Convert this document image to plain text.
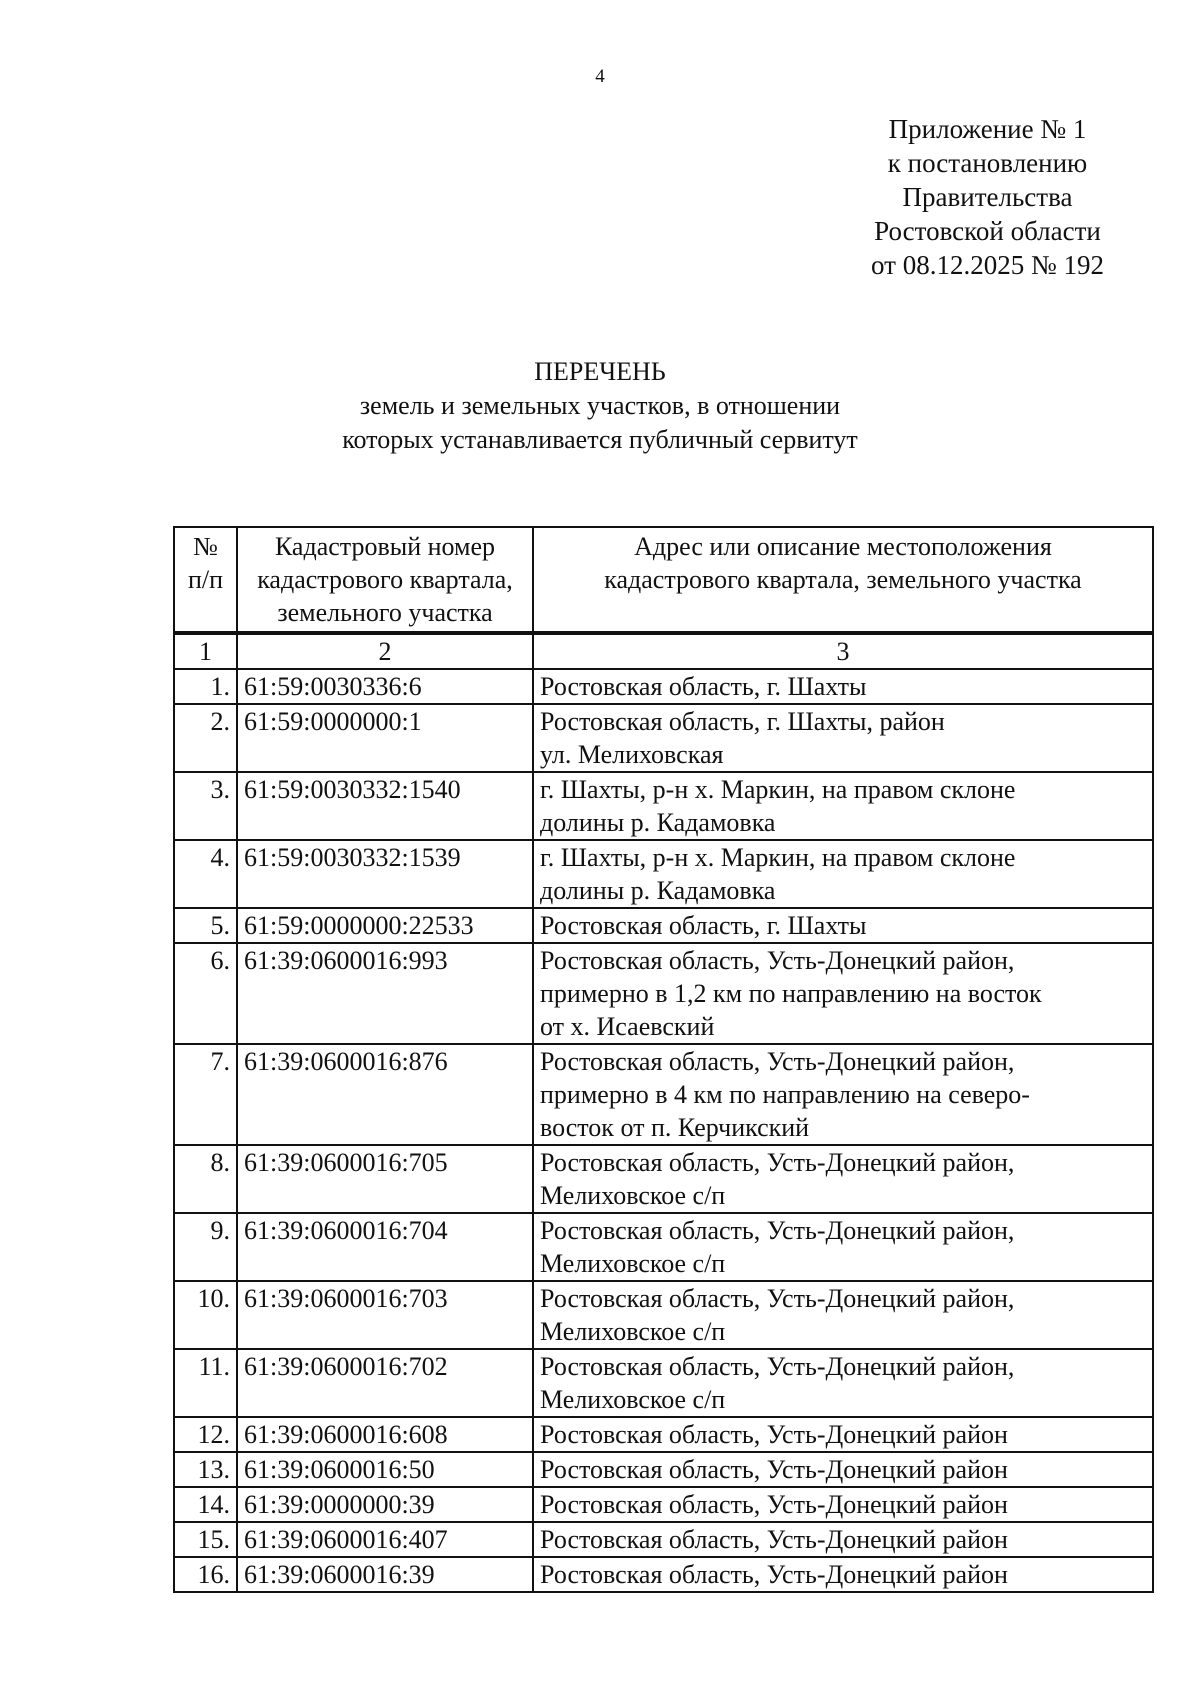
4
Приложение № 1
к постановлению
Правительства
Ростовской области
от 08.12.2025 № 192
ПЕРЕЧЕНЬ
земель и земельных участков, в отношении
которых устанавливается публичный сервитут
№
п/п	Кадастровый номер
кадастрового квартала,
земельного участка	Адрес или описание местоположения
кадастрового квартала, земельного участка
1	2	3
1.	61:59:0030336:6	Ростовская область, г. Шахты
2.	61:59:0000000:1	Ростовская область, г. Шахты, район
ул. Мелиховская
3.	61:59:0030332:1540	г. Шахты, р-н х. Маркин, на правом склоне
долины р. Кадамовка
4.	61:59:0030332:1539	г. Шахты, р-н х. Маркин, на правом склоне
долины р. Кадамовка
5.	61:59:0000000:22533	Ростовская область, г. Шахты
6.	61:39:0600016:993	Ростовская область, Усть-Донецкий район,
примерно в 1,2 км по направлению на восток
от х. Исаевский
7.	61:39:0600016:876	Ростовская область, Усть-Донецкий район,
примерно в 4 км по направлению на северо-
восток от п. Керчикский
8.	61:39:0600016:705	Ростовская область, Усть-Донецкий район,
Мелиховское с/п
9.	61:39:0600016:704	Ростовская область, Усть-Донецкий район,
Мелиховское с/п
10.	61:39:0600016:703	Ростовская область, Усть-Донецкий район,
Мелиховское с/п
11.	61:39:0600016:702	Ростовская область, Усть-Донецкий район,
Мелиховское с/п
12.	61:39:0600016:608	Ростовская область, Усть-Донецкий район
13.	61:39:0600016:50	Ростовская область, Усть-Донецкий район
14.	61:39:0000000:39	Ростовская область, Усть-Донецкий район
15.	61:39:0600016:407	Ростовская область, Усть-Донецкий район
16.	61:39:0600016:39	Ростовская область, Усть-Донецкий район
